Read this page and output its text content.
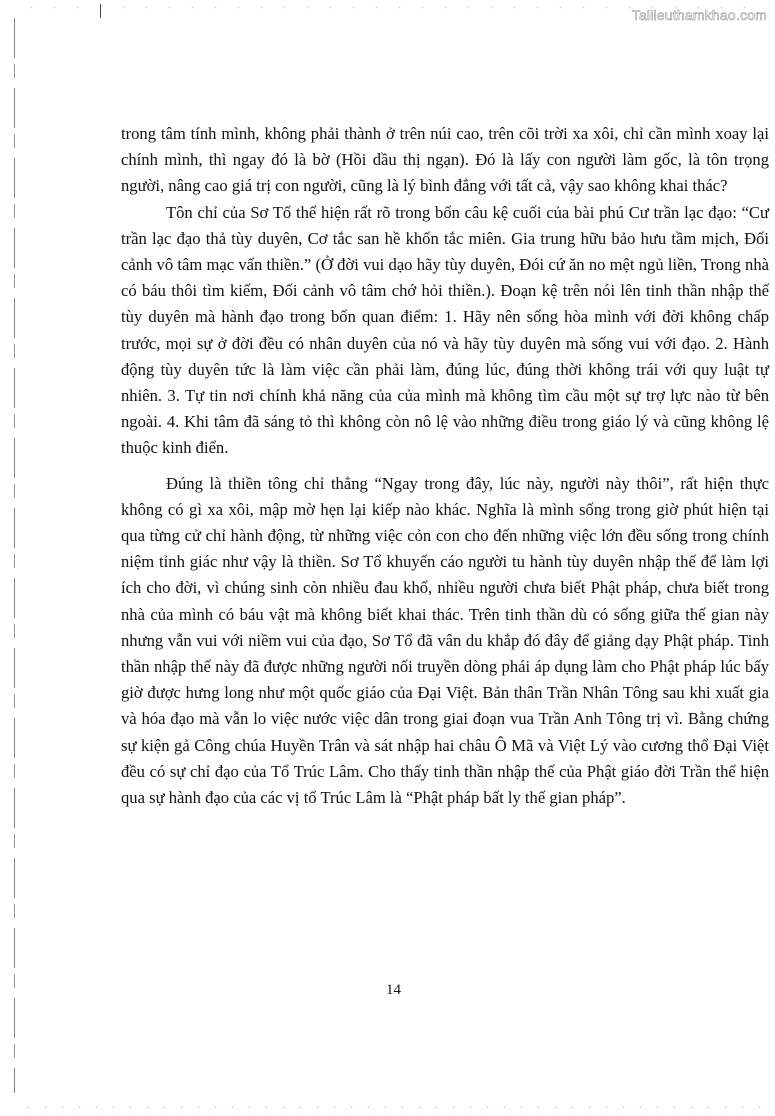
Tailieuthamkhao.com

trong tâm tính mình, không phải thành ở trên núi cao, trên cõi trời xa xôi, chỉ cần mình xoay lại chính mình, thì ngay đó là bờ (Hồi dầu thị ngạn). Đó là lấy con người làm gốc, là tôn trọng người, nâng cao giá trị con người, cũng là lý bình đẳng với tất cả, vậy sao không khai thác?

Tôn chỉ của Sơ Tổ thể hiện rất rõ trong bốn câu kệ cuối của bài phú Cư trần lạc đạo: “Cư trần lạc đạo thả tùy duyên, Cơ tắc san hề khốn tắc miên. Gia trung hữu bảo hưu tầm mịch, Đối cảnh vô tâm mạc vấn thiền.” (Ở đời vui dạo hãy tùy duyên, Đói cứ ăn no mệt ngủ liền, Trong nhà có báu thôi tìm kiếm, Đối cảnh vô tâm chớ hỏi thiền.). Đoạn kệ trên nói lên tinh thần nhập thế tùy duyên mà hành đạo trong bốn quan điểm: 1. Hãy nên sống hòa mình với đời không chấp trước, mọi sự ở đời đều có nhân duyên của nó và hãy tùy duyên mà sống vui với đạo. 2. Hành động tùy duyên tức là làm việc cần phải làm, đúng lúc, đúng thời không trái với quy luật tự nhiên. 3. Tự tin nơi chính khả năng của của mình mà không tìm cầu một sự trợ lực nào từ bên ngoài. 4. Khi tâm đã sáng tỏ thì không còn nô lệ vào những điều trong giáo lý và cũng không lệ thuộc kinh điển.

Đúng là thiền tông chỉ thẳng “Ngay trong đây, lúc này, người này thôi”, rất hiện thực không có gì xa xôi, mập mờ hẹn lại kiếp nào khác. Nghĩa là mình sống trong giờ phút hiện tại qua từng cử chỉ hành động, từ những việc cỏn con cho đến những việc lớn đều sống trong chính niệm tỉnh giác như vậy là thiền. Sơ Tổ khuyến cáo người tu hành tùy duyên nhập thế để làm lợi ích cho đời, vì chúng sinh còn nhiều đau khổ, nhiều người chưa biết Phật pháp, chưa biết trong nhà của mình có báu vật mà không biết khai thác. Trên tinh thần dù có sống giữa thế gian này nhưng vẫn vui với niềm vui của đạo, Sơ Tổ đã vân du khắp đó đây để giảng dạy Phật pháp. Tinh thần nhập thế này đã được những người nối truyền dòng phái áp dụng làm cho Phật pháp lúc bấy giờ được hưng long như một quốc giáo của Đại Việt. Bản thân Trần Nhân Tông sau khi xuất gia và hóa đạo mà vẫn lo việc nước việc dân trong giai đoạn vua Trần Anh Tông trị vì. Bằng chứng sự kiện gả Công chúa Huyền Trân và sát nhập hai châu Ô Mã và Việt Lý vào cương thổ Đại Việt đều có sự chỉ đạo của Tổ Trúc Lâm. Cho thấy tinh thần nhập thế của Phật giáo đời Trần thể hiện qua sự hành đạo của các vị tổ Trúc Lâm là “Phật pháp bất ly thế gian pháp”.

14
